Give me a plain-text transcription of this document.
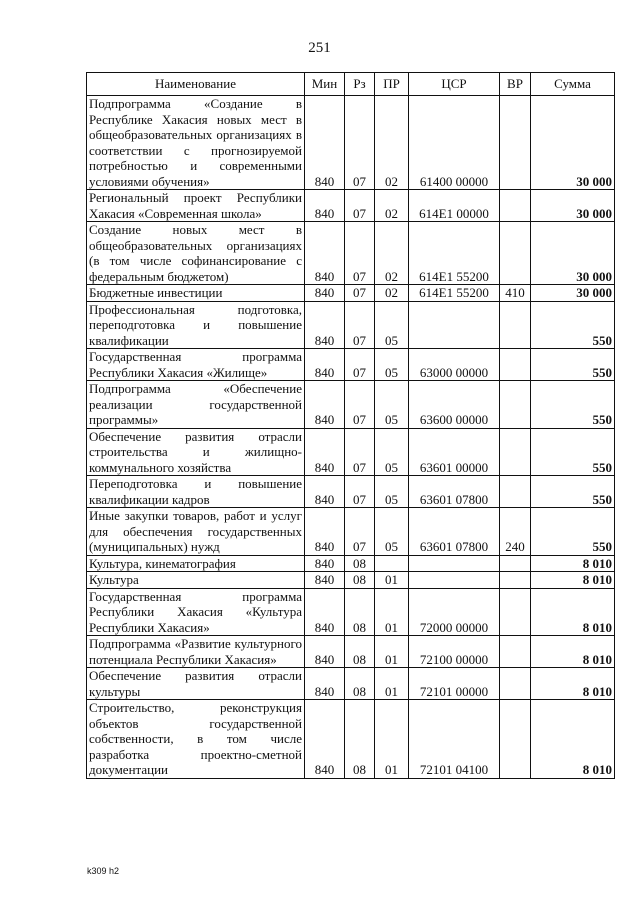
251
Наименование	Мин	Рз	ПР	ЦСР	ВР	Сумма
Подпрограмма «Создание в Республике Хакасия новых мест в общеобразовательных организациях в соответствии с прогнозируемой потребностью и современными условиями обучения»	840	07	02	61400 00000		30 000
Региональный проект Республики Хакасия «Современная школа»	840	07	02	614E1 00000		30 000
Создание новых мест в общеобразовательных организациях (в том числе софинансирование с федеральным бюджетом)	840	07	02	614E1 55200		30 000
Бюджетные инвестиции	840	07	02	614E1 55200	410	30 000
Профессиональная подготовка, переподготовка и повышение квалификации	840	07	05			550
Государственная программа Республики Хакасия «Жилище»	840	07	05	63000 00000		550
Подпрограмма «Обеспечение реализации государственной программы»	840	07	05	63600 00000		550
Обеспечение развития отрасли строительства и жилищно-коммунального хозяйства	840	07	05	63601 00000		550
Переподготовка и повышение квалификации кадров	840	07	05	63601 07800		550
Иные закупки товаров, работ и услуг для обеспечения государственных (муниципальных) нужд	840	07	05	63601 07800	240	550
Культура, кинематография	840	08				8 010
Культура	840	08	01			8 010
Государственная программа Республики Хакасия «Культура Республики Хакасия»	840	08	01	72000 00000		8 010
Подпрограмма «Развитие культурного потенциала Республики Хакасия»	840	08	01	72100 00000		8 010
Обеспечение развития отрасли культуры	840	08	01	72101 00000		8 010
Строительство, реконструкция объектов государственной собственности, в том числе разработка проектно-сметной документации	840	08	01	72101 04100		8 010
k309 h2
